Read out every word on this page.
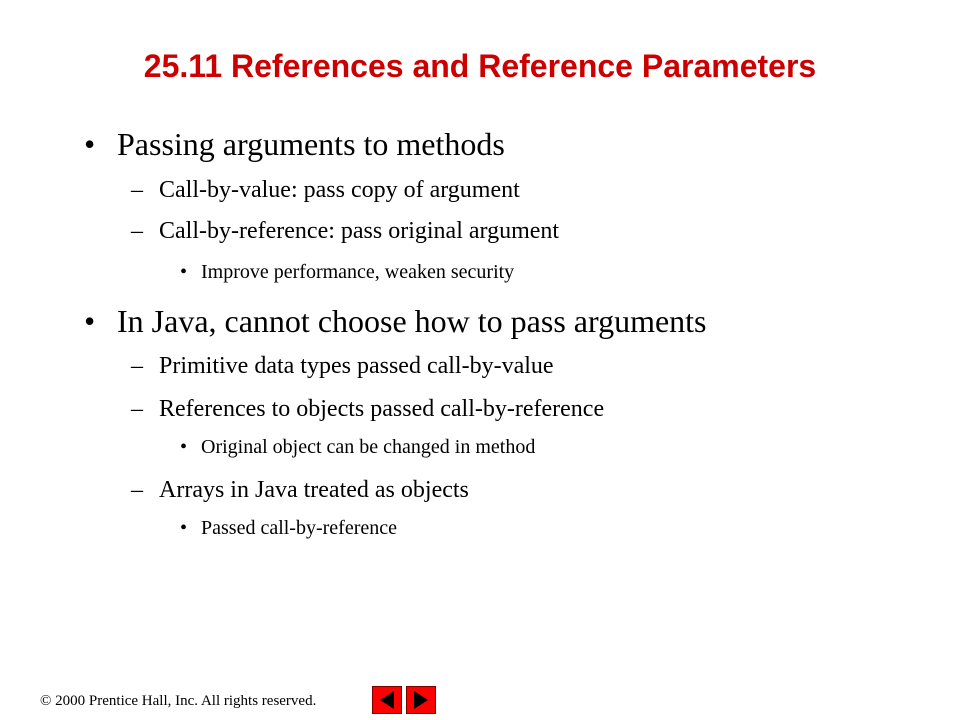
25.11 References and Reference Parameters
• Passing arguments to methods
– Call-by-value: pass copy of argument
– Call-by-reference: pass original argument
• Improve performance, weaken security
• In Java, cannot choose how to pass arguments
– Primitive data types passed call-by-value
– References to objects passed call-by-reference
• Original object can be changed in method
– Arrays in Java treated as objects
• Passed call-by-reference
© 2000 Prentice Hall, Inc. All rights reserved.
